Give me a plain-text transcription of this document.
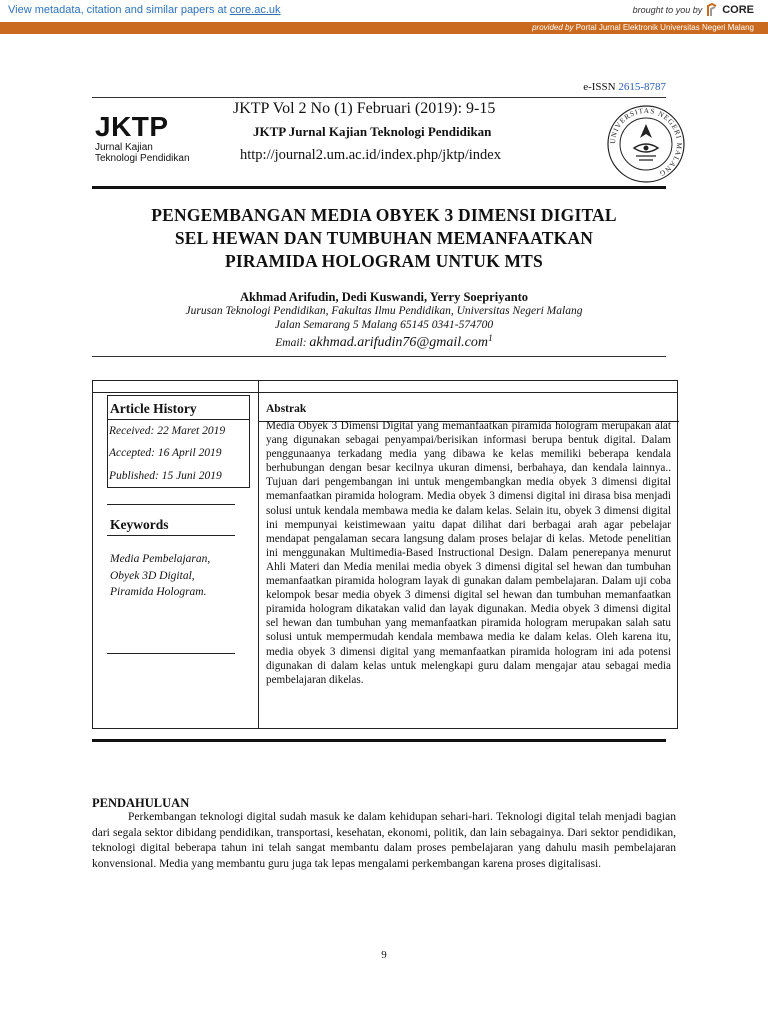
View metadata, citation and similar papers at core.ac.uk	brought to you by CORE
provided by Portal Jurnal Elektronik Universitas Negeri Malang
e-ISSN 2615-8787
JKTP
Jurnal Kajian
Teknologi Pendidikan
JKTP Vol 2 No (1) Februari (2019): 9-15
JKTP Jurnal Kajian Teknologi Pendidikan
http://journal2.um.ac.id/index.php/jktp/index
UNIVERSITAS NEGERI MALANG
PENGEMBANGAN MEDIA OBYEK 3 DIMENSI DIGITAL
SEL HEWAN DAN TUMBUHAN MEMANFAATKAN
PIRAMIDA HOLOGRAM UNTUK MTS
Akhmad Arifudin, Dedi Kuswandi, Yerry Soepriyanto
Jurusan Teknologi Pendidikan, Fakultas Ilmu Pendidikan, Universitas Negeri Malang
Jalan Semarang 5 Malang 65145 0341-574700
Email: akhmad.arifudin76@gmail.com$^1$
Article History
Received: 22 Maret 2019
Accepted: 16 April 2019
Published: 15 Juni 2019
Keywords
Media Pembelajaran,
Obyek 3D Digital,
Piramida Hologram.
Abstrak
Media Obyek 3 Dimensi Digital yang memanfaatkan piramida hologram merupakan alat yang digunakan sebagai penyampai/berisikan informasi berupa bentuk digital. Dalam penggunaanya terkadang media yang dibawa ke kelas memiliki beberapa kendala berhubungan dengan besar kecilnya ukuran dimensi, berbahaya, dan kendala lainnya.. Tujuan dari pengembangan ini untuk mengembangkan media obyek 3 dimensi digital memanfaatkan piramida hologram. Media obyek 3 dimensi digital ini dirasa bisa menjadi solusi untuk kendala membawa media ke dalam kelas. Selain itu, obyek 3 dimensi digital ini mempunyai keistimewaan yaitu dapat dilihat dari berbagai arah agar pebelajar mendapat pengalaman secara langsung dalam proses belajar di kelas. Metode penelitian ini menggunakan Multimedia-Based Instructional Design. Dalam penerepanya menurut Ahli Materi dan Media menilai media obyek 3 dimensi digital sel hewan dan tumbuhan memanfaatkan piramida hologram layak di gunakan dalam pembelajaran. Dalam uji coba kelompok besar media obyek 3 dimensi digital sel hewan dan tumbuhan memanfaatkan piramida hologram dikatakan valid dan layak digunakan. Media obyek 3 dimensi digital sel hewan dan tumbuhan yang memanfaatkan piramida hologram merupakan salah satu solusi untuk mempermudah kendala membawa media ke dalam kelas. Oleh karena itu, media obyek 3 dimensi digital yang memanfaatkan piramida hologram ini ada potensi digunakan di dalam kelas untuk melengkapi guru dalam mengajar atau sebagai media pembelajaran dikelas.
PENDAHULUAN
Perkembangan teknologi digital sudah masuk ke dalam kehidupan sehari-hari. Teknologi digital telah menjadi bagian dari segala sektor dibidang pendidikan, transportasi, kesehatan, ekonomi, politik, dan lain sebagainya. Dari sektor pendidikan, teknologi digital beberapa tahun ini telah sangat membantu dalam proses pembelajaran yang dahulu masih pembelajaran konvensional. Media yang membantu guru juga tak lepas mengalami perkembangan karena proses digitalisasi.
9
